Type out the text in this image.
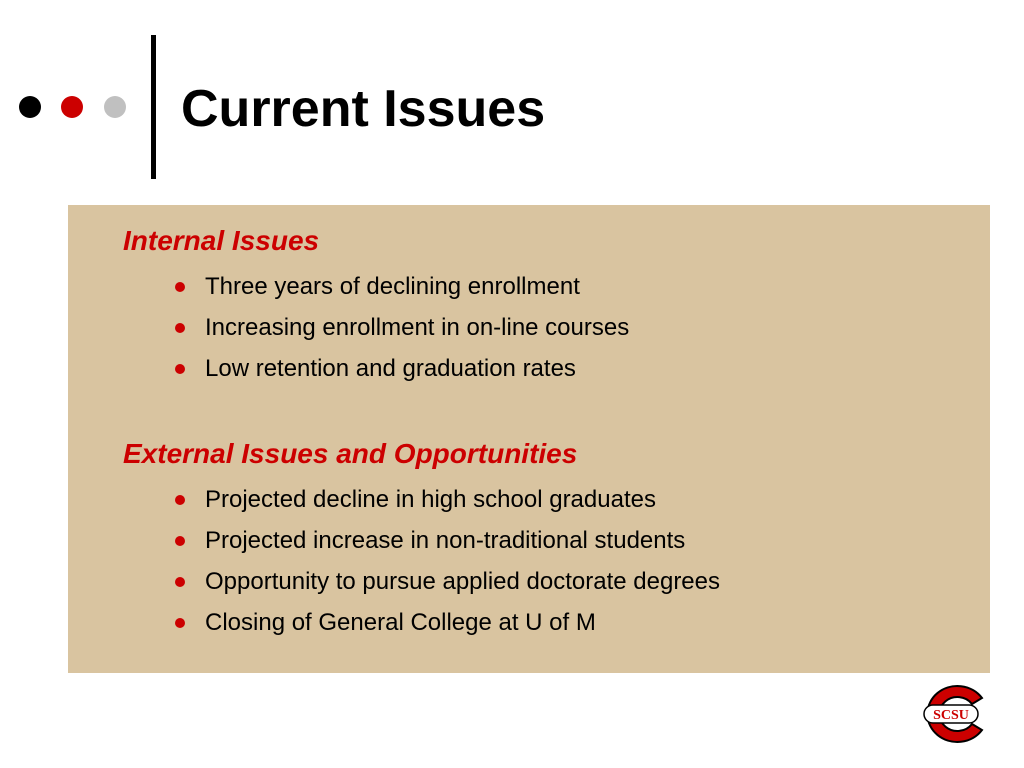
Current Issues
Internal Issues
Three years of declining enrollment
Increasing enrollment in on-line courses
Low retention and graduation rates
External Issues and Opportunities
Projected decline in high school graduates
Projected increase in non-traditional students
Opportunity to pursue applied doctorate degrees
Closing of General College at U of M
SCSU
